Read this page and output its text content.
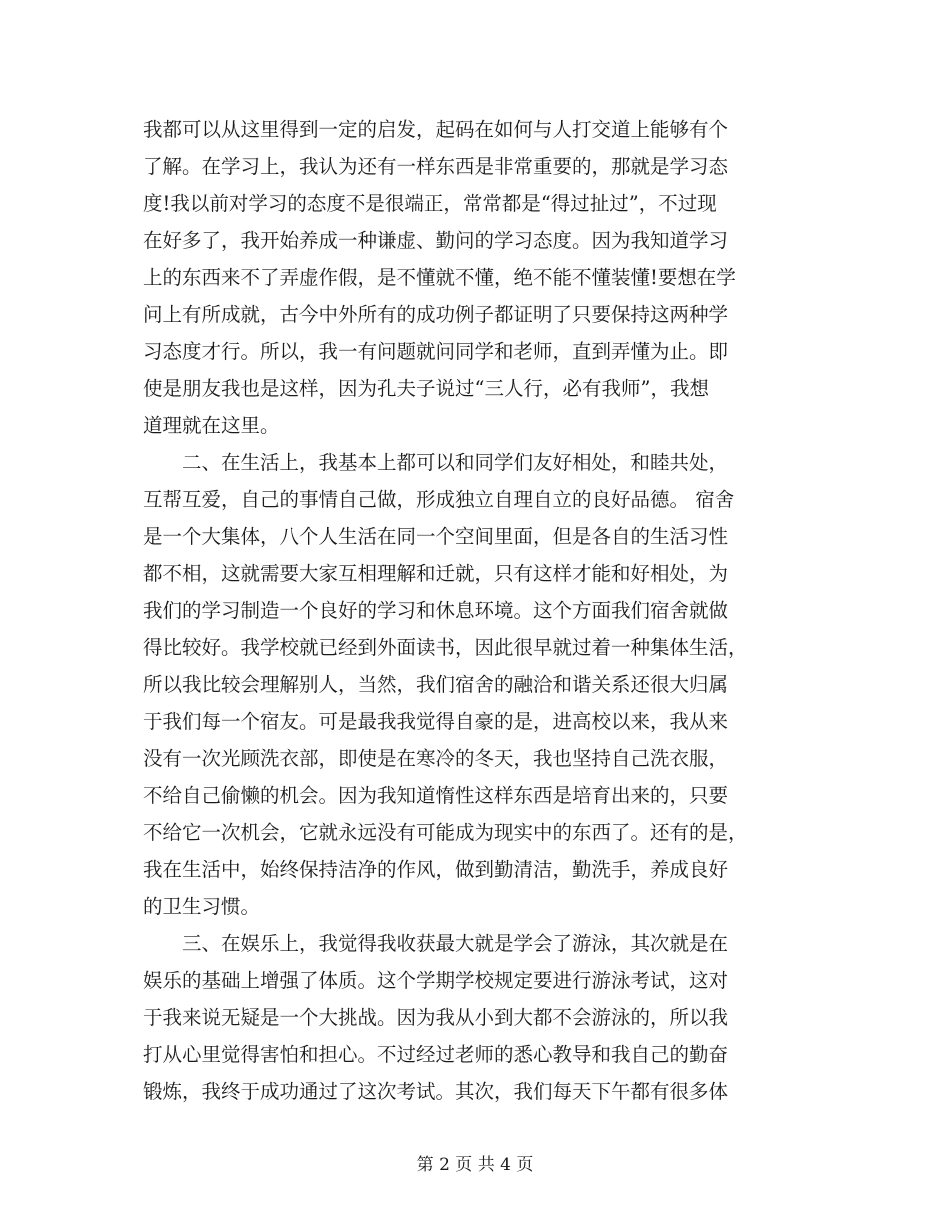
我都可以从这里得到一定的启发，起码在如何与人打交道上能够有个
了解。在学习上，我认为还有一样东西是非常重要的，那就是学习态
度!我以前对学习的态度不是很端正，常常都是“得过扯过”，不过现
在好多了，我开始养成一种谦虚、勤问的学习态度。因为我知道学习
上的东西来不了弄虚作假，是不懂就不懂，绝不能不懂装懂!要想在学
问上有所成就，古今中外所有的成功例子都证明了只要保持这两种学
习态度才行。所以，我一有问题就问同学和老师，直到弄懂为止。即
使是朋友我也是这样，因为孔夫子说过“三人行，必有我师”，我想
道理就在这里。
　　二、在生活上，我基本上都可以和同学们友好相处，和睦共处，
互帮互爱，自己的事情自己做，形成独立自理自立的良好品德。 宿舍
是一个大集体，八个人生活在同一个空间里面，但是各自的生活习性
都不相，这就需要大家互相理解和迁就，只有这样才能和好相处，为
我们的学习制造一个良好的学习和休息环境。这个方面我们宿舍就做
得比较好。我学校就已经到外面读书，因此很早就过着一种集体生活，
所以我比较会理解别人，当然，我们宿舍的融洽和谐关系还很大归属
于我们每一个宿友。可是最我我觉得自豪的是，进高校以来，我从来
没有一次光顾洗衣部，即使是在寒冷的冬天，我也坚持自己洗衣服，
不给自己偷懒的机会。因为我知道惰性这样东西是培育出来的，只要
不给它一次机会，它就永远没有可能成为现实中的东西了。还有的是，
我在生活中，始终保持洁净的作风，做到勤清洁，勤洗手，养成良好
的卫生习惯。
　　三、在娱乐上，我觉得我收获最大就是学会了游泳，其次就是在
娱乐的基础上增强了体质。这个学期学校规定要进行游泳考试，这对
于我来说无疑是一个大挑战。因为我从小到大都不会游泳的，所以我
打从心里觉得害怕和担心。不过经过老师的悉心教导和我自己的勤奋
锻炼，我终于成功通过了这次考试。其次，我们每天下午都有很多体
第 2 页 共 4 页
